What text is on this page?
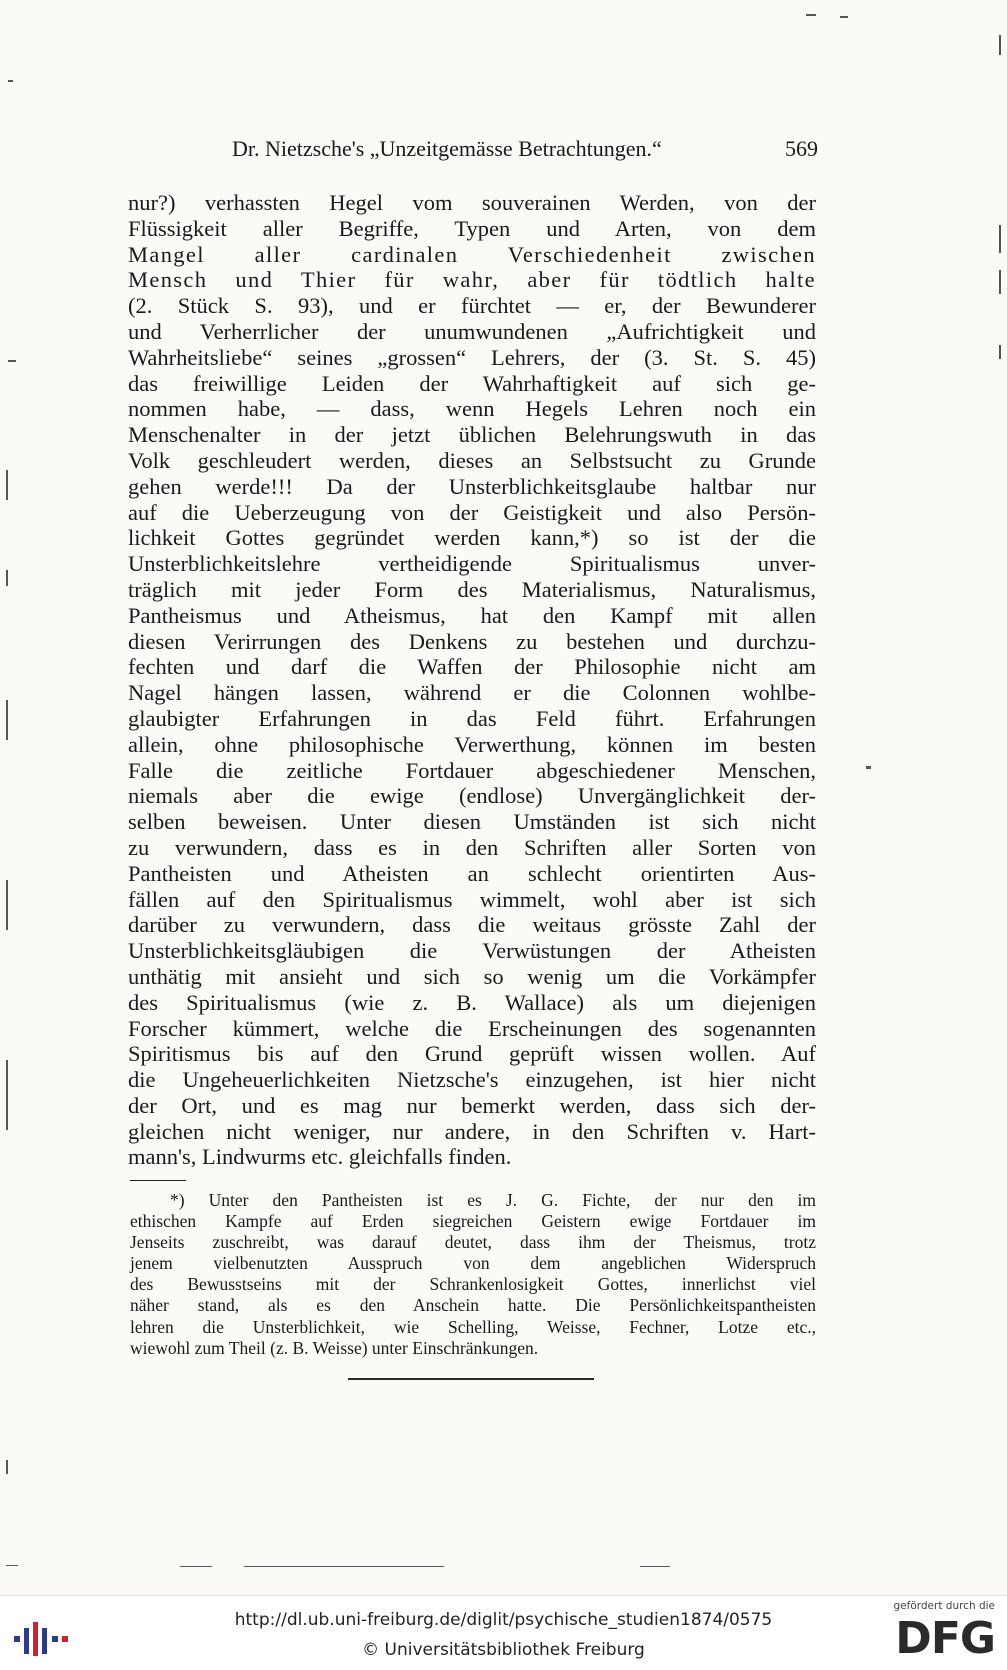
Dr. Nietzsche's „Unzeitgemässe Betrachtungen.“	569
nur?) verhassten Hegel vom souverainen Werden, von der
Flüssigkeit aller Begriffe, Typen und Arten, von dem
Mangel aller cardinalen Verschiedenheit zwischen
Mensch und Thier für wahr, aber für tödtlich halte
(2. Stück S. 93), und er fürchtet — er, der Bewunderer
und Verherrlicher der unumwundenen „Aufrichtigkeit und
Wahrheitsliebe“ seines „grossen“ Lehrers, der (3. St. S. 45)
das freiwillige Leiden der Wahrhaftigkeit auf sich ge-
nommen habe, — dass, wenn Hegels Lehren noch ein
Menschenalter in der jetzt üblichen Belehrungswuth in das
Volk geschleudert werden, dieses an Selbstsucht zu Grunde
gehen werde!!! Da der Unsterblichkeitsglaube haltbar nur
auf die Ueberzeugung von der Geistigkeit und also Persön-
lichkeit Gottes gegründet werden kann,*) so ist der die
Unsterblichkeitslehre vertheidigende Spiritualismus unver-
träglich mit jeder Form des Materialismus, Naturalismus,
Pantheismus und Atheismus, hat den Kampf mit allen
diesen Verirrungen des Denkens zu bestehen und durchzu-
fechten und darf die Waffen der Philosophie nicht am
Nagel hängen lassen, während er die Colonnen wohlbe-
glaubigter Erfahrungen in das Feld führt. Erfahrungen
allein, ohne philosophische Verwerthung, können im besten
Falle die zeitliche Fortdauer abgeschiedener Menschen,
niemals aber die ewige (endlose) Unvergänglichkeit der-
selben beweisen. Unter diesen Umständen ist sich nicht
zu verwundern, dass es in den Schriften aller Sorten von
Pantheisten und Atheisten an schlecht orientirten Aus-
fällen auf den Spiritualismus wimmelt, wohl aber ist sich
darüber zu verwundern, dass die weitaus grösste Zahl der
Unsterblichkeitsgläubigen die Verwüstungen der Atheisten
unthätig mit ansieht und sich so wenig um die Vorkämpfer
des Spiritualismus (wie z. B. Wallace) als um diejenigen
Forscher kümmert, welche die Erscheinungen des sogenannten
Spiritismus bis auf den Grund geprüft wissen wollen. Auf
die Ungeheuerlichkeiten Nietzsche's einzugehen, ist hier nicht
der Ort, und es mag nur bemerkt werden, dass sich der-
gleichen nicht weniger, nur andere, in den Schriften v. Hart-
mann's, Lindwurms etc. gleichfalls finden.
*) Unter den Pantheisten ist es J. G. Fichte, der nur den im
ethischen Kampfe auf Erden siegreichen Geistern ewige Fortdauer im
Jenseits zuschreibt, was darauf deutet, dass ihm der Theismus, trotz
jenem vielbenutzten Ausspruch von dem angeblichen Widerspruch
des Bewusstseins mit der Schrankenlosigkeit Gottes, innerlichst viel
näher stand, als es den Anschein hatte. Die Persönlichkeitspantheisten
lehren die Unsterblichkeit, wie Schelling, Weisse, Fechner, Lotze etc.,
wiewohl zum Theil (z. B. Weisse) unter Einschränkungen.
http://dl.ub.uni-freiburg.de/diglit/psychische_studien1874/0575
© Universitätsbibliothek Freiburg
gefördert durch die
DFG
